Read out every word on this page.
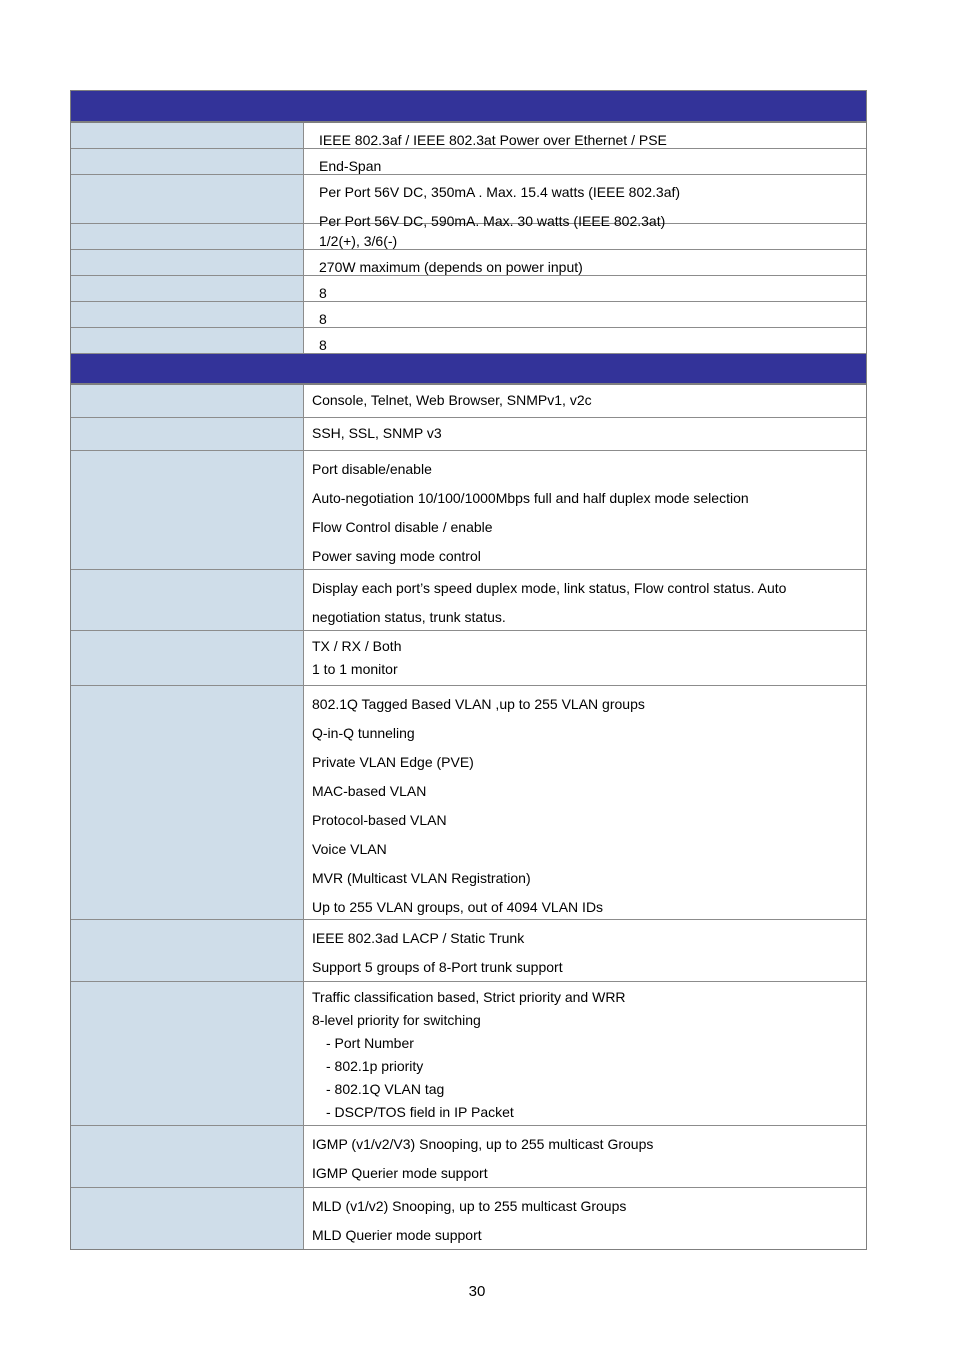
IEEE 802.3af / IEEE 802.3at Power over Ethernet / PSE
End-Span
Per Port 56V DC, 350mA . Max. 15.4 watts (IEEE 802.3af)
Per Port 56V DC, 590mA. Max. 30 watts (IEEE 802.3at)
1/2(+), 3/6(-)
270W maximum (depends on power input)
8
8
8
Console, Telnet, Web Browser, SNMPv1, v2c
SSH, SSL, SNMP v3
Port disable/enable
Auto-negotiation 10/100/1000Mbps full and half duplex mode selection
Flow Control disable / enable
Power saving mode control
Display each port’s speed duplex mode, link status, Flow control status. Auto
negotiation status, trunk status.
TX / RX / Both
1 to 1 monitor
802.1Q Tagged Based VLAN ,up to 255 VLAN groups
Q-in-Q tunneling
Private VLAN Edge (PVE)
MAC-based VLAN
Protocol-based VLAN
Voice VLAN
MVR (Multicast VLAN Registration)
Up to 255 VLAN groups, out of 4094 VLAN IDs
IEEE 802.3ad LACP / Static Trunk
Support 5 groups of 8-Port trunk support
Traffic classification based, Strict priority and WRR
8-level priority for switching
- Port Number
- 802.1p priority
- 802.1Q VLAN tag
- DSCP/TOS field in IP Packet
IGMP (v1/v2/V3) Snooping, up to 255 multicast Groups
IGMP Querier mode support
MLD (v1/v2) Snooping, up to 255 multicast Groups
MLD Querier mode support
30
